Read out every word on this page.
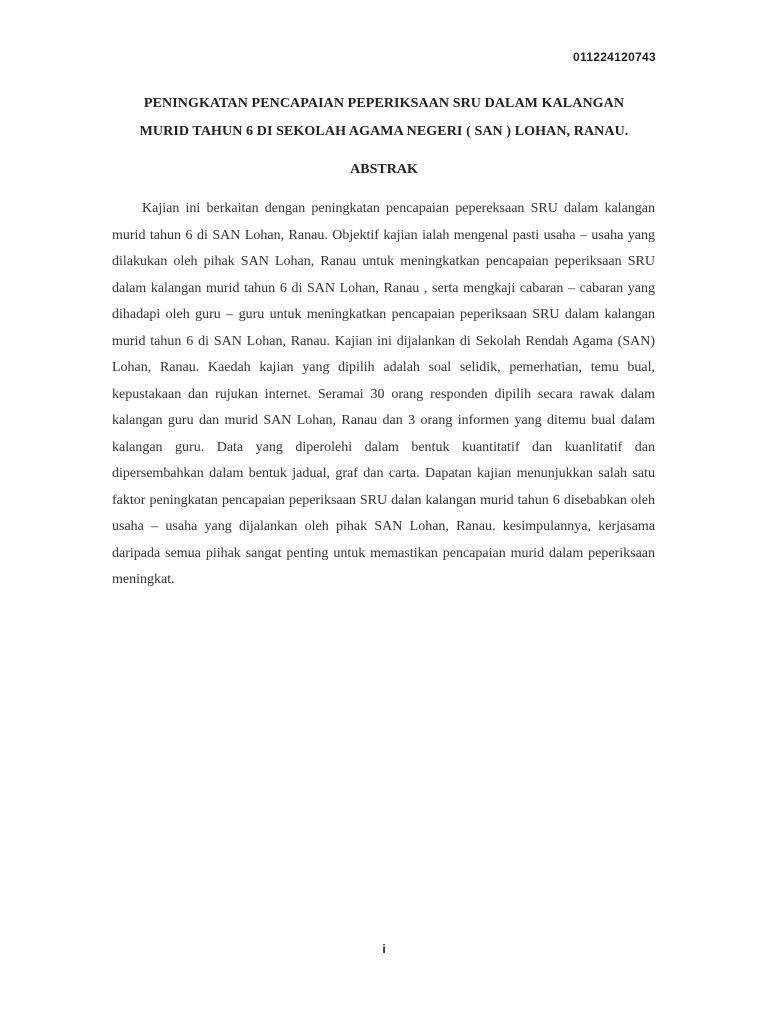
011224120743
PENINGKATAN PENCAPAIAN PEPERIKSAAN SRU DALAM KALANGAN
MURID TAHUN 6 DI SEKOLAH AGAMA NEGERI ( SAN ) LOHAN, RANAU.
ABSTRAK

Kajian ini berkaitan dengan peningkatan pencapaian pepereksaan SRU dalam kalangan murid tahun 6 di SAN Lohan, Ranau. Objektif kajian ialah mengenal pasti usaha – usaha yang dilakukan oleh pihak SAN Lohan, Ranau untuk meningkatkan pencapaian peperiksaan SRU dalam kalangan murid tahun 6 di SAN Lohan, Ranau , serta mengkaji cabaran – cabaran yang dihadapi oleh guru – guru untuk meningkatkan pencapaian peperiksaan SRU dalam kalangan murid tahun 6 di SAN Lohan, Ranau. Kajian ini dijalankan di Sekolah Rendah Agama (SAN) Lohan, Ranau. Kaedah kajian yang dipilih adalah soal selidik, pemerhatian, temu bual, kepustakaan dan rujukan internet. Seramai 30 orang responden dipilih secara rawak dalam kalangan guru dan murid SAN Lohan, Ranau dan 3 orang informen yang ditemu bual dalam kalangan guru. Data yang diperolehi dalam bentuk kuantitatif dan kuanlitatif dan dipersembahkan dalam bentuk jadual, graf dan carta. Dapatan kajian menunjukkan salah satu faktor peningkatan pencapaian peperiksaan SRU dalan kalangan murid tahun 6 disebabkan oleh usaha – usaha yang dijalankan oleh pihak SAN Lohan, Ranau. kesimpulannya, kerjasama daripada semua piihak sangat penting untuk memastikan pencapaian murid dalam peperiksaan meningkat.

i
